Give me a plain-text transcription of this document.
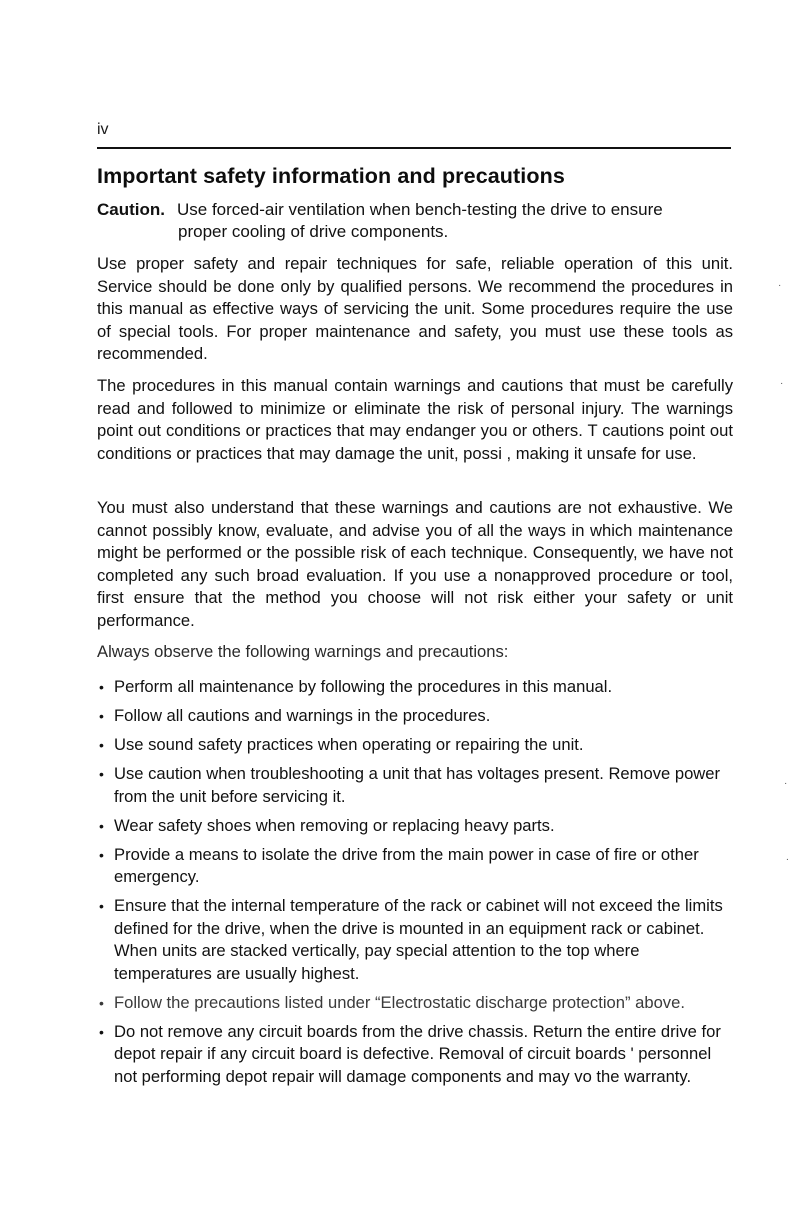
iv
Important safety information and precautions
Caution. Use forced-air ventilation when bench-testing the drive to ensure
proper cooling of drive components.

Use proper safety and repair techniques for safe, reliable operation of this unit. Service should be done only by qualified persons. We recommend the procedures in this manual as effective ways of servicing the unit. Some procedures require the use of special tools. For proper maintenance and safety, you must use these tools as recommended.

The procedures in this manual contain warnings and cautions that must be carefully read and followed to minimize or eliminate the risk of personal injury. The warnings point out conditions or practices that may endanger you or others. T cautions point out conditions or practices that may damage the unit, possi , making it unsafe for use.

You must also understand that these warnings and cautions are not exhaustive. We cannot possibly know, evaluate, and advise you of all the ways in which maintenance might be performed or the possible risk of each technique. Consequently, we have not completed any such broad evaluation. If you use a nonapproved procedure or tool, first ensure that the method you choose will not risk either your safety or unit performance.

Always observe the following warnings and precautions:

• Perform all maintenance by following the procedures in this manual.
• Follow all cautions and warnings in the procedures.
• Use sound safety practices when operating or repairing the unit.
• Use caution when troubleshooting a unit that has voltages present. Remove power from the unit before servicing it.
• Wear safety shoes when removing or replacing heavy parts.
• Provide a means to isolate the drive from the main power in case of fire or other emergency.
• Ensure that the internal temperature of the rack or cabinet will not exceed the limits defined for the drive, when the drive is mounted in an equipment rack or cabinet. When units are stacked vertically, pay special attention to the top where temperatures are usually highest.
• Follow the precautions listed under “Electrostatic discharge protection” above.
• Do not remove any circuit boards from the drive chassis. Return the entire drive for depot repair if any circuit board is defective. Removal of circuit boards ' personnel not performing depot repair will damage components and may vo the warranty.
·
·
·
.
